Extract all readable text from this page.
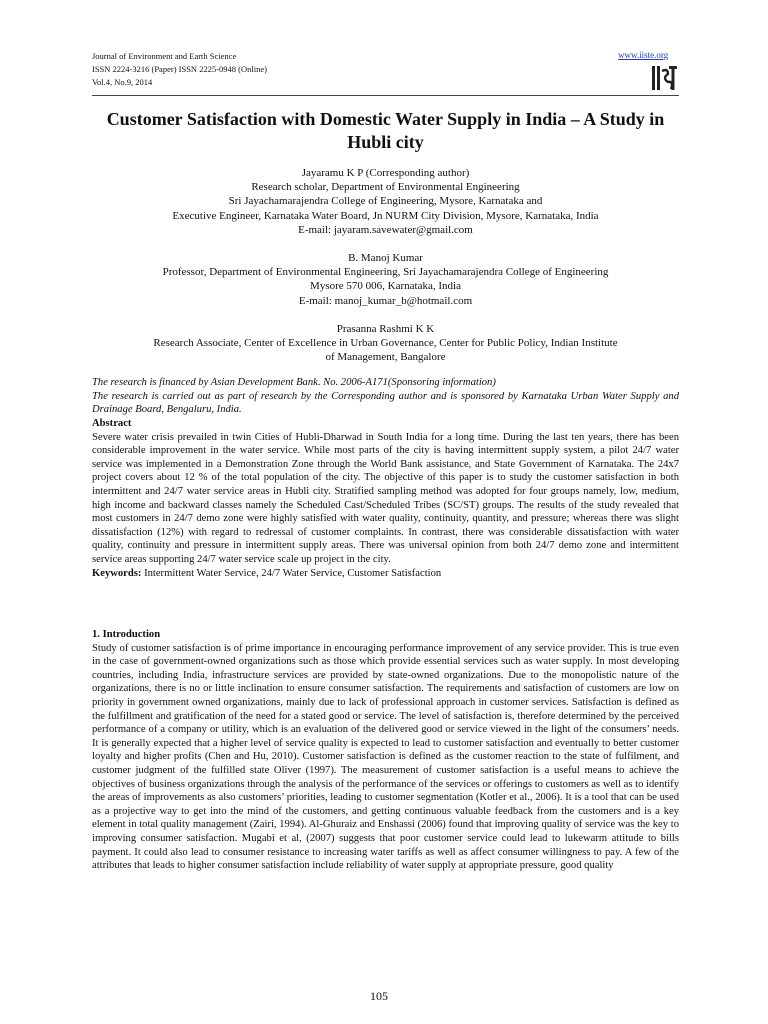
Journal of Environment and Earth Science
ISSN 2224-3216 (Paper) ISSN 2225-0948 (Online)
Vol.4, No.9, 2014
www.iiste.org
Customer Satisfaction with Domestic Water Supply in India – A Study in Hubli city
Jayaramu K P (Corresponding author)
Research scholar, Department of Environmental Engineering
Sri Jayachamarajendra College of Engineering, Mysore, Karnataka and
Executive Engineer, Karnataka Water Board, Jn NURM City Division, Mysore, Karnataka, India
E-mail: jayaram.savewater@gmail.com
B. Manoj Kumar
Professor, Department of Environmental Engineering, Sri Jayachamarajendra College of Engineering
Mysore 570 006, Karnataka, India
E-mail: manoj_kumar_b@hotmail.com
Prasanna Rashmi K K
Research Associate, Center of Excellence in Urban Governance, Center for Public Policy, Indian Institute
of Management, Bangalore
The research is financed by Asian Development Bank. No. 2006-A171(Sponsoring information)
The research is carried out as part of research by the Corresponding author and is sponsored by Karnataka Urban Water Supply and Drainage Board, Bengaluru, India.
Abstract
Severe water crisis prevailed in twin Cities of Hubli-Dharwad in South India for a long time. During the last ten years, there has been considerable improvement in the water service. While most parts of the city is having intermittent supply system, a pilot 24/7 water service was implemented in a Demonstration Zone through the World Bank assistance, and State Government of Karnataka. The 24x7 project covers about 12 % of the total population of the city. The objective of this paper is to study the customer satisfaction in both intermittent and 24/7 water service areas in Hubli city. Stratified sampling method was adopted for four groups namely, low, medium, high income and backward classes namely the Scheduled Cast/Scheduled Tribes (SC/ST) groups. The results of the study revealed that most customers in 24/7 demo zone were highly satisfied with water quality, continuity, quantity, and pressure; whereas there was slight dissatisfaction (12%) with regard to redressal of customer complaints. In contrast, there was considerable dissatisfaction with water quality, continuity and pressure in intermittent supply areas. There was universal opinion from both 24/7 demo zone and intermittent service areas supporting 24/7 water service scale up project in the city.
Keywords: Intermittent Water Service, 24/7 Water Service, Customer Satisfaction
1. Introduction
Study of customer satisfaction is of prime importance in encouraging performance improvement of any service provider. This is true even in the case of government-owned organizations such as those which provide essential services such as water supply. In most developing countries, including India, infrastructure services are provided by state-owned organizations. Due to the monopolistic nature of the organizations, there is no or little inclination to ensure consumer satisfaction. The requirements and satisfaction of customers are low on priority in government owned organizations, mainly due to lack of professional approach in customer services. Satisfaction is defined as the fulfillment and gratification of the need for a stated good or service. The level of satisfaction is, therefore determined by the perceived performance of a company or utility, which is an evaluation of the delivered good or service viewed in the light of the consumers’ needs. It is generally expected that a higher level of service quality is expected to lead to customer satisfaction and eventually to better customer loyalty and higher profits (Chen and Hu, 2010). Customer satisfaction is defined as the customer reaction to the state of fulfilment, and customer judgment of the fulfilled state Oliver (1997). The measurement of customer satisfaction is a useful means to achieve the objectives of business organizations through the analysis of the performance of the services or offerings to customers as well as to identify the areas of improvements as also customers’ priorities, leading to customer segmentation (Kotler et al., 2006). It is a tool that can be used as a projective way to get into the mind of the customers, and getting continuous valuable feedback from the customers and is a key element in total quality management (Zairi, 1994). Al-Ghuraiz and Enshassi (2006) found that improving quality of service was the key to improving consumer satisfaction. Mugabi et al, (2007) suggests that poor customer service could lead to lukewarm attitude to bills payment. It could also lead to consumer resistance to increasing water tariffs as well as affect consumer willingness to pay. A few of the attributes that leads to higher consumer satisfaction include reliability of water supply at appropriate pressure, good quality
105
